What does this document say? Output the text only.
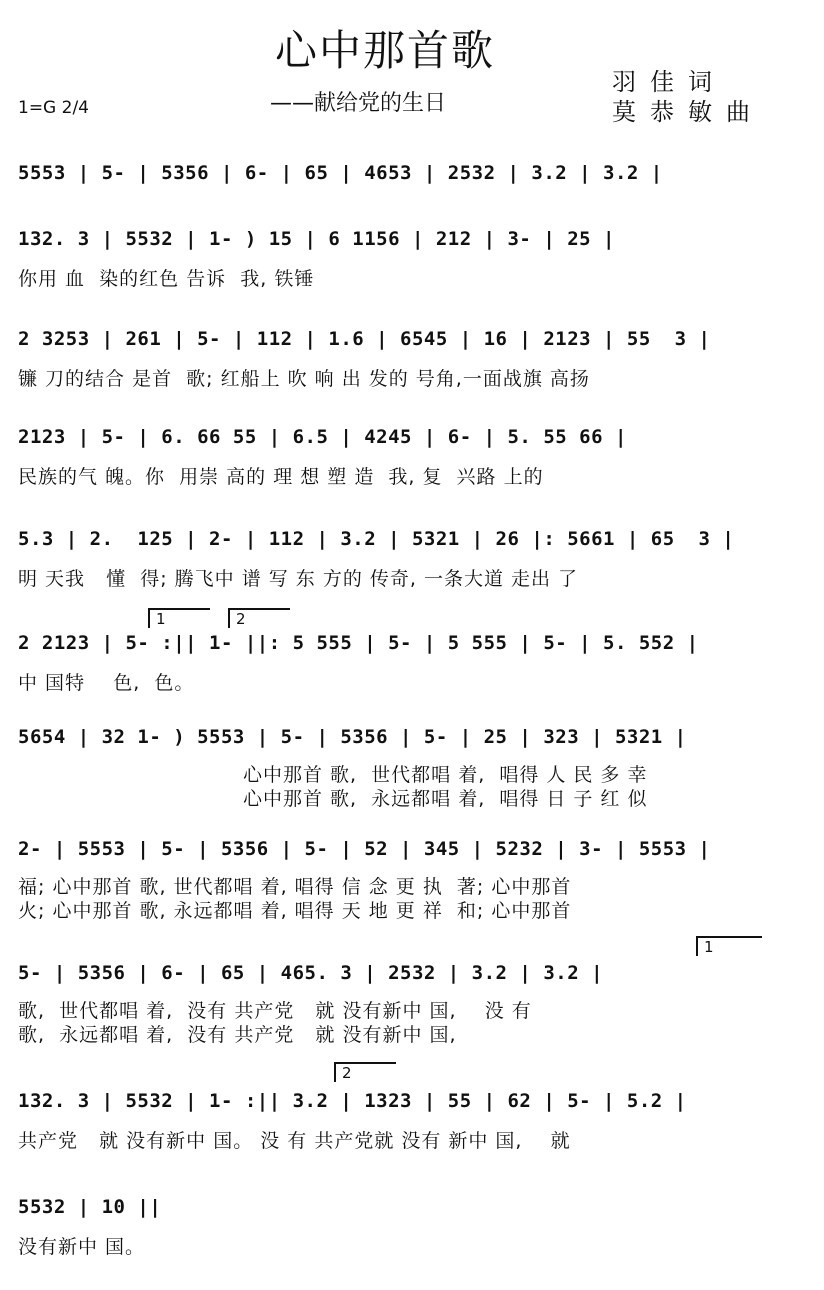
心中那首歌
——献给党的生日
1=G 2/4
羽佳词
莫恭敏曲
5553 | 5- | 5356 | 6- | 65 | 4653 | 2532 | 3.2 | 3.2 |
132. 3 | 5532 | 1- ) 15 | 6 1156 | 212 | 3- | 25 |
你用 血  染的红色 告诉  我, 铁锤
2 3253 | 261 | 5- | 112 | 1.6 | 6545 | 16 | 2123 | 55  3 |
镰 刀的结合 是首  歌; 红船上 吹 响 出 发的 号角,一面战旗 高扬
2123 | 5- | 6. 66 55 | 6.5 | 4245 | 6- | 5. 55 66 |
民族的气 魄。你  用崇 高的 理 想 塑 造  我, 复  兴路 上的
5.3 | 2.  125 | 2- | 112 | 3.2 | 5321 | 26 |: 5661 | 65  3 |
明 天我   懂  得; 腾飞中 谱 写 东 方的 传奇, 一条大道 走出 了
1	2
2 2123 | 5- :|| 1- ||: 5 555 | 5- | 5 555 | 5- | 5. 552 |
中 国特    色,  色。
5654 | 32 1- ) 5553 | 5- | 5356 | 5- | 25 | 323 | 5321 |
心中那首 歌,  世代都唱 着,  唱得 人 民 多 幸
心中那首 歌,  永远都唱 着,  唱得 日 子 红 似
2- | 5553 | 5- | 5356 | 5- | 52 | 345 | 5232 | 3- | 5553 |
福; 心中那首 歌, 世代都唱 着, 唱得 信 念 更 执  著; 心中那首
火; 心中那首 歌, 永远都唱 着, 唱得 天 地 更 祥  和; 心中那首
1
5- | 5356 | 6- | 65 | 465. 3 | 2532 | 3.2 | 3.2 |
歌,  世代都唱 着,  没有 共产党   就 没有新中 国,    没 有
歌,  永远都唱 着,  没有 共产党   就 没有新中 国,
2
132. 3 | 5532 | 1- :|| 3.2 | 1323 | 55 | 62 | 5- | 5.2 |
共产党   就 没有新中 国。 没 有 共产党就 没有 新中 国,    就
5532 | 10 ||
没有新中 国。
